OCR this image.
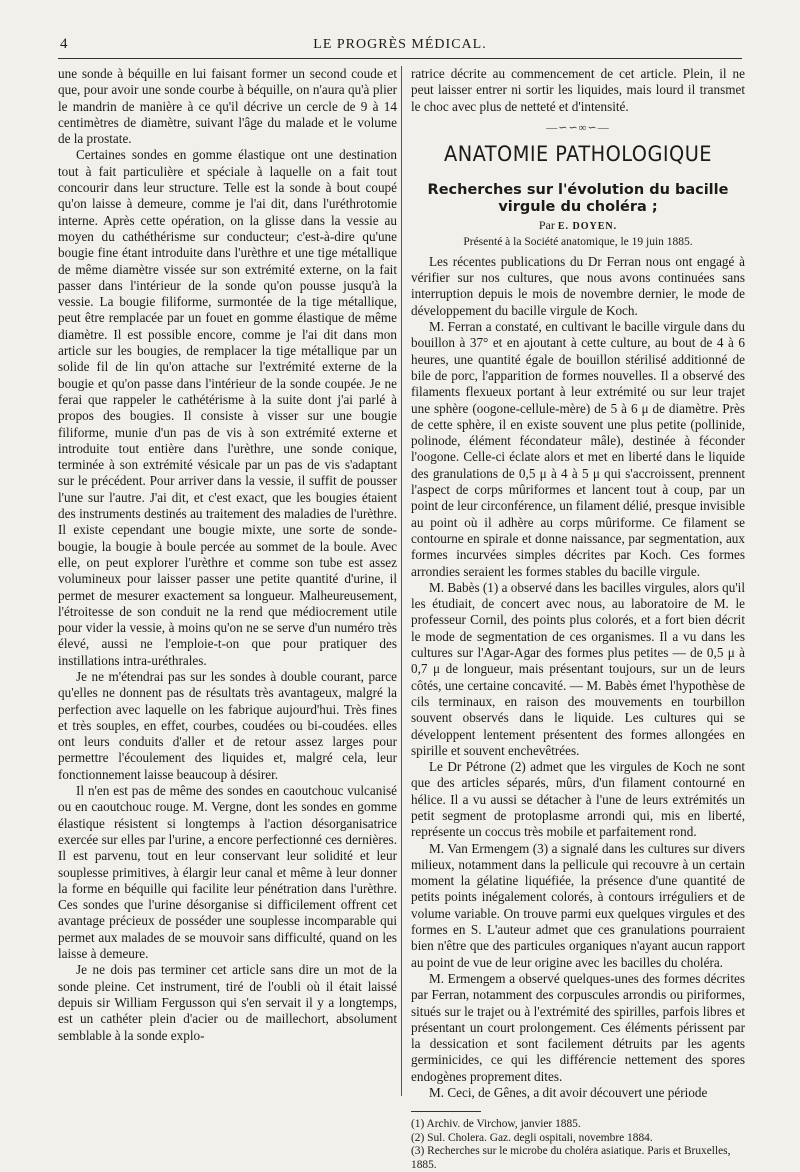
4	LE PROGRÈS MÉDICAL.

une sonde à béquille en lui faisant former un second coude et que, pour avoir une sonde courbe à béquille, on n'aura qu'à plier le mandrin de manière à ce qu'il décrive un cercle de 9 à 14 centimètres de diamètre, suivant l'âge du malade et le volume de la prostate.

Certaines sondes en gomme élastique ont une destination tout à fait particulière et spéciale à laquelle on a fait tout concourir dans leur structure. Telle est la sonde à bout coupé qu'on laisse à demeure, comme je l'ai dit, dans l'uréthrotomie interne. Après cette opération, on la glisse dans la vessie au moyen du cathéthérisme sur conducteur; c'est-à-dire qu'une bougie fine étant introduite dans l'urèthre et une tige métallique de même diamètre vissée sur son extrémité externe, on la fait passer dans l'intérieur de la sonde qu'on pousse jusqu'à la vessie. La bougie filiforme, surmontée de la tige métallique, peut être remplacée par un fouet en gomme élastique de même diamètre. Il est possible encore, comme je l'ai dit dans mon article sur les bougies, de remplacer la tige métallique par un solide fil de lin qu'on attache sur l'extrémité externe de la bougie et qu'on passe dans l'intérieur de la sonde coupée. Je ne ferai que rappeler le cathétérisme à la suite dont j'ai parlé à propos des bougies. Il consiste à visser sur une bougie filiforme, munie d'un pas de vis à son extrémité externe et introduite tout entière dans l'urèthre, une sonde conique, terminée à son extrémité vésicale par un pas de vis s'adaptant sur le précédent. Pour arriver dans la vessie, il suffit de pousser l'une sur l'autre. J'ai dit, et c'est exact, que les bougies étaient des instruments destinés au traitement des maladies de l'urèthre. Il existe cependant une bougie mixte, une sorte de sonde-bougie, la bougie à boule percée au sommet de la boule. Avec elle, on peut explorer l'urèthre et comme son tube est assez volumineux pour laisser passer une petite quantité d'urine, il permet de mesurer exactement sa longueur. Malheureusement, l'étroitesse de son conduit ne la rend que médiocrement utile pour vider la vessie, à moins qu'on ne se serve d'un numéro très élevé, aussi ne l'emploie-t-on que pour pratiquer des instillations intra-uréthrales.

Je ne m'étendrai pas sur les sondes à double courant, parce qu'elles ne donnent pas de résultats très avantageux, malgré la perfection avec laquelle on les fabrique aujourd'hui. Très fines et très souples, en effet, courbes, coudées ou bi-coudées. elles ont leurs conduits d'aller et de retour assez larges pour permettre l'écoulement des liquides et, malgré cela, leur fonctionnement laisse beaucoup à désirer.

Il n'en est pas de même des sondes en caoutchouc vulcanisé ou en caoutchouc rouge. M. Vergne, dont les sondes en gomme élastique résistent si longtemps à l'action désorganisatrice exercée sur elles par l'urine, a encore perfectionné ces dernières. Il est parvenu, tout en leur conservant leur solidité et leur souplesse primitives, à élargir leur canal et même à leur donner la forme en béquille qui facilite leur pénétration dans l'urèthre. Ces sondes que l'urine désorganise si difficilement offrent cet avantage précieux de posséder une souplesse incomparable qui permet aux malades de se mouvoir sans difficulté, quand on les laisse à demeure.

Je ne dois pas terminer cet article sans dire un mot de la sonde pleine. Cet instrument, tiré de l'oubli où il était laissé depuis sir William Fergusson qui s'en servait il y a longtemps, est un cathéter plein d'acier ou de maillechort, absolument semblable à la sonde explo-

ratrice décrite au commencement de cet article. Plein, il ne peut laisser entrer ni sortir les liquides, mais lourd il transmet le choc avec plus de netteté et d'intensité.

—∽∽∞∽—
ANATOMIE PATHOLOGIQUE
Recherches sur l'évolution du bacille virgule du choléra ;
Par E. DOYEN.
Présenté à la Société anatomique, le 19 juin 1885.

Les récentes publications du Dr Ferran nous ont engagé à vérifier sur nos cultures, que nous avons continuées sans interruption depuis le mois de novembre dernier, le mode de développement du bacille virgule de Koch.

M. Ferran a constaté, en cultivant le bacille virgule dans du bouillon à 37° et en ajoutant à cette culture, au bout de 4 à 6 heures, une quantité égale de bouillon stérilisé additionné de bile de porc, l'apparition de formes nouvelles. Il a observé des filaments flexueux portant à leur extrémité ou sur leur trajet une sphère (oogone-cellule-mère) de 5 à 6 μ de diamètre. Près de cette sphère, il en existe souvent une plus petite (pollinide, polinode, élément fécondateur mâle), destinée à féconder l'oogone. Celle-ci éclate alors et met en liberté dans le liquide des granulations de 0,5 μ à 4 à 5 μ qui s'accroissent, prennent l'aspect de corps mûriformes et lancent tout à coup, par un point de leur circonférence, un filament délié, presque invisible au point où il adhère au corps mûriforme. Ce filament se contourne en spirale et donne naissance, par segmentation, aux formes incurvées simples décrites par Koch. Ces formes arrondies seraient les formes stables du bacille virgule.

M. Babès (1) a observé dans les bacilles virgules, alors qu'il les étudiait, de concert avec nous, au laboratoire de M. le professeur Cornil, des points plus colorés, et a fort bien décrit le mode de segmentation de ces organismes. Il a vu dans les cultures sur l'Agar-Agar des formes plus petites — de 0,5 μ à 0,7 μ de longueur, mais présentant toujours, sur un de leurs côtés, une certaine concavité. — M. Babès émet l'hypothèse de cils terminaux, en raison des mouvements en tourbillon souvent observés dans le liquide. Les cultures qui se développent lentement présentent des formes allongées en spirille et souvent enchevêtrées.

Le Dr Pétrone (2) admet que les virgules de Koch ne sont que des articles séparés, mûrs, d'un filament contourné en hélice. Il a vu aussi se détacher à l'une de leurs extrémités un petit segment de protoplasme arrondi qui, mis en liberté, représente un coccus très mobile et parfaitement rond.

M. Van Ermengem (3) a signalé dans les cultures sur divers milieux, notamment dans la pellicule qui recouvre à un certain moment la gélatine liquéfiée, la présence d'une quantité de petits points inégalement colorés, à contours irréguliers et de volume variable. On trouve parmi eux quelques virgules et des formes en S. L'auteur admet que ces granulations pourraient bien n'être que des particules organiques n'ayant aucun rapport au point de vue de leur origine avec les bacilles du choléra.

M. Ermengem a observé quelques-unes des formes décrites par Ferran, notamment des corpuscules arrondis ou piriformes, situés sur le trajet ou à l'extrémité des spirilles, parfois libres et présentant un court prolongement. Ces éléments périssent par la dessication et sont facilement détruits par les agents germinicides, ce qui les différencie nettement des spores endogènes proprement dites.

M. Ceci, de Gênes, a dit avoir découvert une période

(1) Archiv. de Virchow, janvier 1885.

(2) Sul. Cholera. Gaz. degli ospitali, novembre 1884.

(3) Recherches sur le microbe du choléra asiatique. Paris et Bruxelles, 1885.
